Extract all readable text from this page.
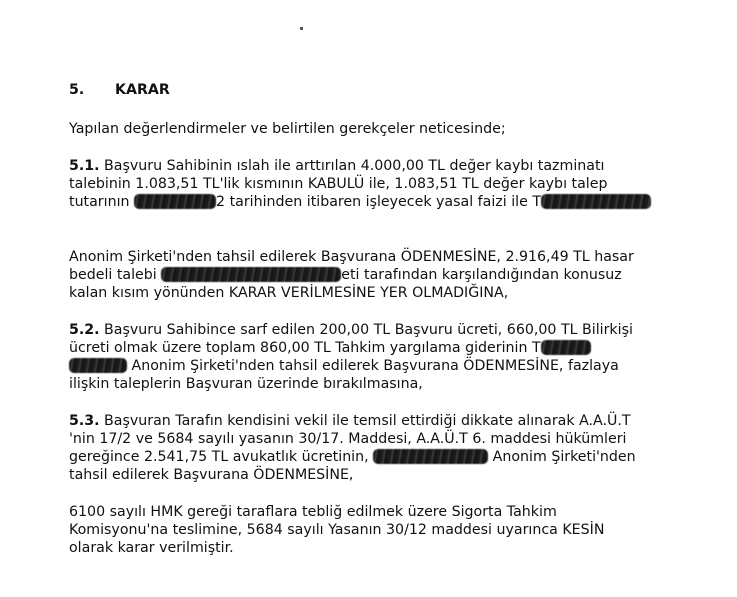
5. KARAR
Yapılan değerlendirmeler ve belirtilen gerekçeler neticesinde;
5.1. Başvuru Sahibinin ıslah ile arttırılan 4.000,00 TL değer kaybı tazminatı
talebinin 1.083,51 TL'lik kısmının KABULÜ ile, 1.083,51 TL değer kaybı talep
tutarının	2 tarihinden itibaren işleyecek yasal faizi ile T
Anonim Şirketi'nden tahsil edilerek Başvurana ÖDENMESİNE, 2.916,49 TL hasar
bedeli talebi	eti tarafından karşılandığından konusuz
kalan kısım yönünden KARAR VERİLMESİNE YER OLMADIĞINA,
5.2. Başvuru Sahibince sarf edilen 200,00 TL Başvuru ücreti, 660,00 TL Bilirkişi
ücreti olmak üzere toplam 860,00 TL Tahkim yargılama giderinin T
Anonim Şirketi'nden tahsil edilerek Başvurana ÖDENMESİNE, fazlaya
ilişkin taleplerin Başvuran üzerinde bırakılmasına,
5.3. Başvuran Tarafın kendisini vekil ile temsil ettirdiği dikkate alınarak A.A.Ü.T
'nin 17/2 ve 5684 sayılı yasanın 30/17. Maddesi, A.A.Ü.T 6. maddesi hükümleri
gereğince 2.541,75 TL avukatlık ücretinin,	Anonim Şirketi'nden
tahsil edilerek Başvurana ÖDENMESİNE,
6100 sayılı HMK gereği taraflara tebliğ edilmek üzere Sigorta Tahkim
Komisyonu'na teslimine, 5684 sayılı Yasanın 30/12 maddesi uyarınca KESİN
olarak karar verilmiştir.
